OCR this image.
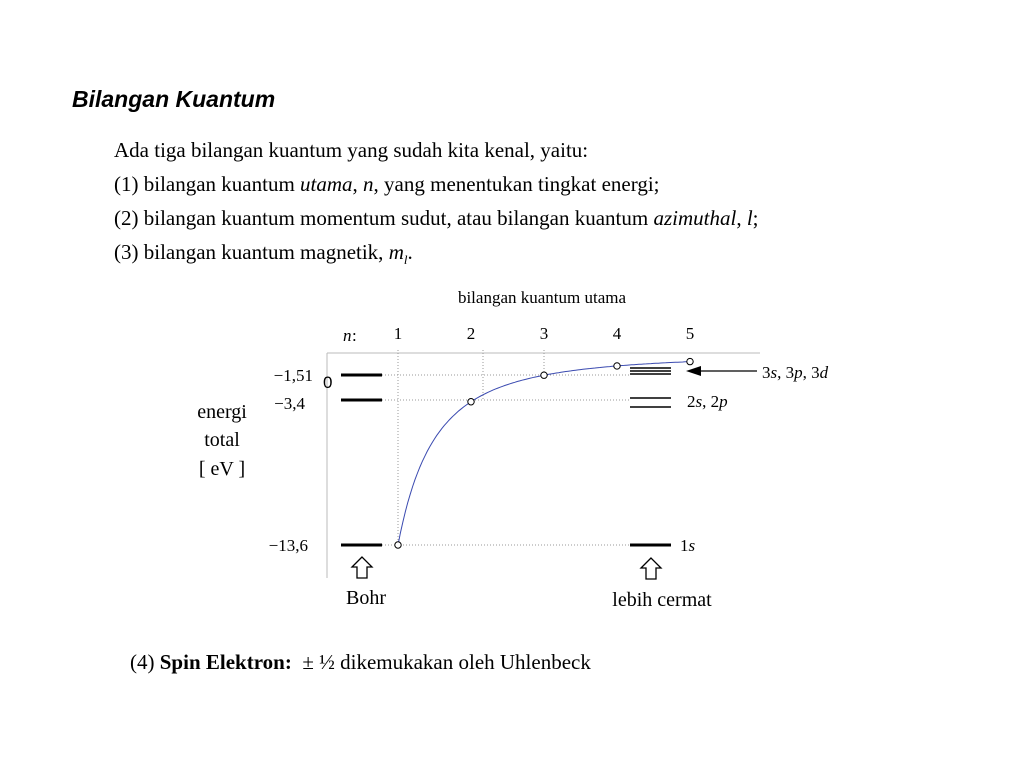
Bilangan Kuantum
Ada tiga bilangan kuantum yang sudah kita kenal, yaitu:
(1) bilangan kuantum utama, n, yang menentukan tingkat energi;
(2) bilangan kuantum momentum sudut, atau bilangan kuantum azimuthal, l;
(3) bilangan kuantum magnetik, $m_l$.
bilangan kuantum utama
n : 1	2	3	4	5
0
−1,51
−3,4
−13,6
energi
total
[ eV ]
3s, 3p, 3d
2s, 2p
1s
Bohr	lebih cermat
(4) Spin Elektron:  ± ½ dikemukakan oleh Uhlenbeck
